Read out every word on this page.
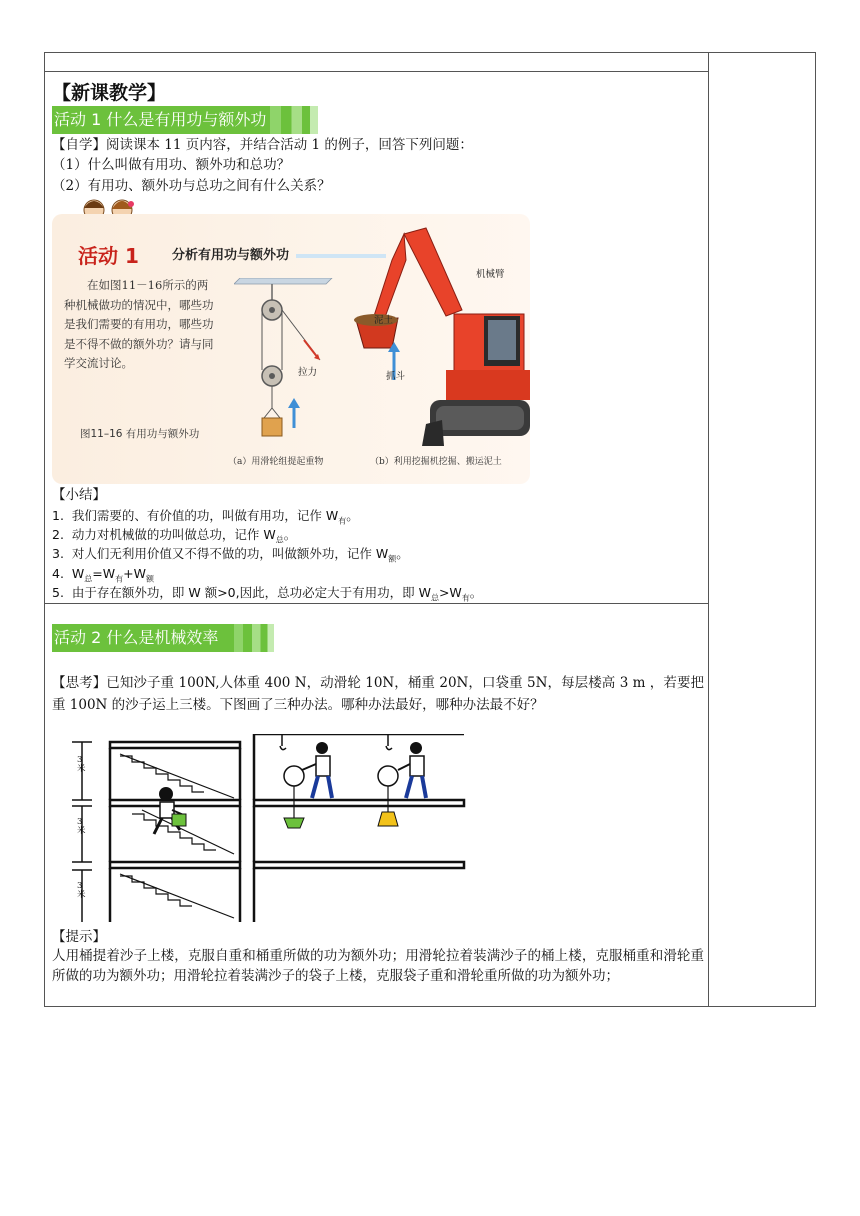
【新课教学】
活动 1 什么是有用功与额外功
【自学】阅读课本 11 页内容，并结合活动 1 的例子，回答下列问题：
（1）什么叫做有用功、额外功和总功？
（2）有用功、额外功与总功之间有什么关系？
活动 1	分析有用功与额外功
在如图11－16所示的两种机械做功的情况中，哪些功是我们需要的有用功，哪些功是不得不做的额外功？请与同学交流讨论。
图11–16 有用功与额外功
（a）用滑轮组提起重物	（b）利用挖掘机挖掘、搬运泥土
拉力
机械臂
泥土
抓斗
【小结】
1. 我们需要的、有价值的功，叫做有用功，记作 $W_有$。
2. 动力对机械做的功叫做总功，记作 $W_总$。
3. 对人们无利用价值又不得不做的功，叫做额外功，记作 $W_额$。
4. $W_总=W_有+W_额$
5. 由于存在额外功，即 W 额>0,因此，总功必定大于有用功，即 $W_总>W_有$。
活动 2 什么是机械效率
【思考】已知沙子重 100N,人体重 400 N，动滑轮 10N，桶重 20N，口袋重 5N，每层楼高 3 m ，若要把重 100N 的沙子运上三楼。下图画了三种办法。哪种办法最好，哪种办法最不好？
3米
3米
3米
【提示】
人用桶提着沙子上楼，克服自重和桶重所做的功为额外功；用滑轮拉着装满沙子的桶上楼，克服桶重和滑轮重所做的功为额外功；用滑轮拉着装满沙子的袋子上楼，克服袋子重和滑轮重所做的功为额外功；
